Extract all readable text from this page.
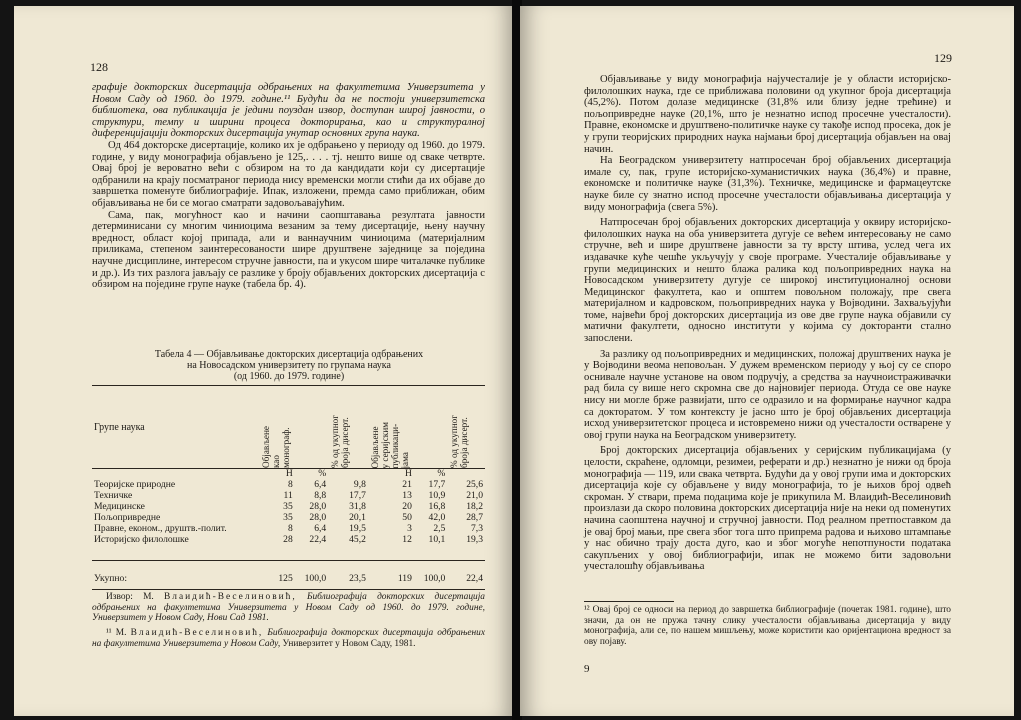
128

графије докторских дисертација одбрањених на факултетима Универзитета у Новом Саду од 1960. до 1979. године.¹¹ Будући да не постоји универзитетска библиотека, ова публикација је једини поуздан извор, доступан широј јавности, о структури, темпу и ширини процеса докторирања, као и структуралној диференцијацији докторских дисертација унутар основних група наука.

Од 464 докторске дисертације, колико их је одбрањено у периоду од 1960. до 1979. године, у виду монографија објављено је 125,. . . . тј. нешто више од сваке четврте. Овај број је вероватно већи с обзиром на то да кандидати који су дисертације одбранили на крају посматраног периода нису временски могли стићи да их објаве до завршетка поменуте библиографије. Ипак, изложени, премда само приближан, обим објављивања не би се могао сматрати задовољавајућим.

Сама, пак, могућност као и начини саопштавања резултата јавности детерминисани су многим чиниоцима везаним за тему дисертације, њену научну вредност, област којој припада, али и ваннаучним чиниоцима (материјалним приликама, степеном заинтересованости шире друштвене заједнице за поједина научне дисциплине, интересом стручне јавности, па и укусом шире читалачке публике и др.). Из тих разлога јављају се разлике у броју објављених докторских дисертација с обзиром на поједине групе науке (табела бр. 4).

Табела 4 — Објављивање докторских дисертација одбрањених
на Новосадском универзитету по групама наука
(од 1960. до 1979. године)
Групе наука	Објављене
као
монограф.		% од укупног
броја дисерт.	Објављене
у серијским
публикаци-
јама		% од укупног
броја дисерт.

	Н	%		Н	%	
Теоријске природне	8	6,4	9,8	21	17,7	25,6
Техничке	11	8,8	17,7	13	10,9	21,0
Медицинске	35	28,0	31,8	20	16,8	18,2
Пољопривредне	35	28,0	20,1	50	42,0	28,7
Правне, економ., друштв.-полит.	8	6,4	19,5	3	2,5	7,3
Историјско филолошке	28	22,4	45,2	12	10,1	19,3

Укупно:	125	100,0	23,5	119	100,0	22,4
Извор: М. Влаидић-Веселиновић, Библиографија докторских дисертација одбрањених на факултетима Универзитета у Новом Саду од 1960. до 1979. године, Универзитет у Новом Саду, Нови Сад 1981.
¹¹ М. Влаидић-Веселиновић, Библиографија докторских дисертација одбрањених на факултетима Универзитета у Новом Саду, Универзитет у Новом Саду, 1981.
129

Објављивање у виду монографија најучесталије је у области историјско-филолошких наука, где се приближава половини од укупног броја дисертација (45,2%). Потом долазе медицинске (31,8% или близу једне трећине) и пољопривредне науке (20,1%, што је незнатно испод просечне учесталости). Правне, економске и друштвено-политичке науке су такође испод просека, док је у групи теоријских природних наука најмањи број дисертација објављен на овај начин.

На Београдском универзитету натпросечан број објављених дисертација имале су, пак, групе историјско-хуманистичких наука (36,4%) и правне, економске и политичке науке (31,3%). Техничке, медицинске и фармацеутске науке биле су знатно испод просечне учесталости објављивања дисертација у виду монографија (свега 5%).

Натпросечан број објављених докторских дисертација у оквиру историјско-филолошких наука на оба универзитета дугује се већем интересовању не само стручне, већ и шире друштвене јавности за ту врсту штива, услед чега их издавачке куће чешће укључују у своје програме. Учесталије објављивање у групи медицинских и нешто блажа ралика код пољопривредних наука на Новосадском универзитету дугује се широкој институционалној основи Медицинског факултета, као и општем повољном положају, пре свега материјалном и кадровском, пољопривредних наука у Војводини. Захваљујући томе, највећи број докторских дисертација из ове две групе наука објавили су матични факултети, односно институти у којима су докторанти стално запослени.

За разлику од пољопривредних и медицинских, положај друштвених наука је у Војводини веома неповољан. У дужем временском периоду у њој су се споро оснивале научне установе на овом подручју, а средства за научноистраживачки рад била су више него скромна све до најновијег периода. Отуда се ове науке нису ни могле брже развијати, што се одразило и на формирање научног кадра са докторатом. У том контексту је јасно што је број објављених дисертација исход универзитетског процеса и истовремено нижи од учесталости остварене у овој групи наука на Београдском универзитету.

Број докторских дисертација објављених у серијским публикацијама (у целости, скраћене, одломци, резимеи, реферати и др.) незнатно је нижи од броја монографија — 119, или свака четврта. Будући да у овој групи има и докторских дисертација које су објављене у виду монографија, то је њихов број одвећ скроман. У ствари, према подацима које је прикупила М. Влаидић-Веселиновић произлази да скоро половина докторских дисертација није на неки од поменутих начина саопштена научној и стручној јавности. Под реалном претпоставком да је овај број мањи, пре свега због тога што припрема радова и њихово штампање у нас обично трају доста дуго, као и због могуће непотпуности података сакупљених у овој библиографији, ипак не можемо бити задовољни учесталошћу објављивања

¹² Овај број се односи на период до завршетка библиографије (почетак 1981. године), што значи, да он не пружа тачну слику учесталости објављивања дисертација у виду монографија, али се, по нашем мишљењу, може користити као оријентациона вредност за ову појаву.
9
